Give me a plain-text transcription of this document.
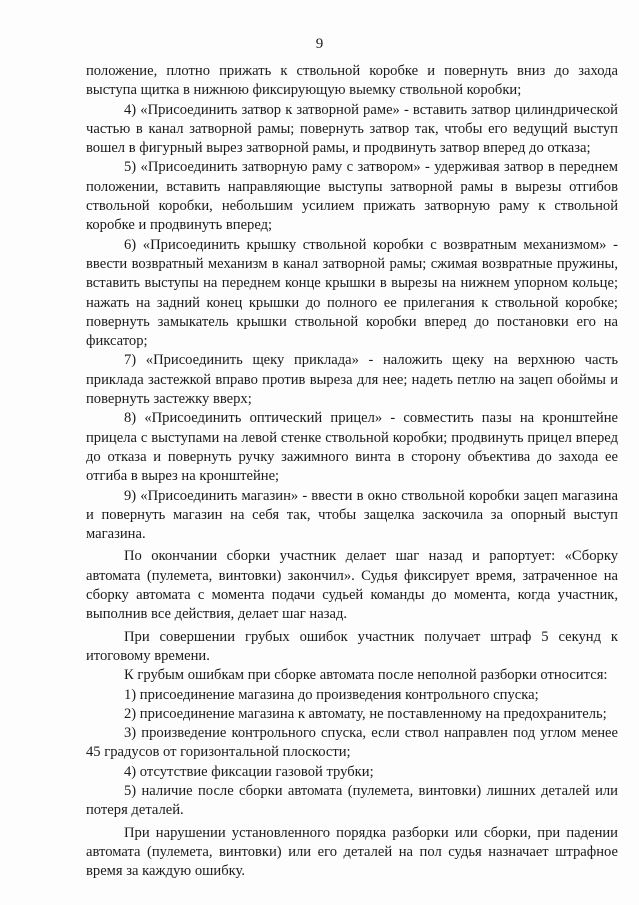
9

положение, плотно прижать к ствольной коробке и повернуть вниз до захода выступа щитка в нижнюю фиксирующую выемку ствольной коробки;

4) «Присоединить затвор к затворной раме» - вставить затвор цилиндрической частью в канал затворной рамы; повернуть затвор так, чтобы его ведущий выступ вошел в фигурный вырез затворной рамы, и продвинуть затвор вперед до отказа;

5) «Присоединить затворную раму с затвором» - удерживая затвор в переднем положении, вставить направляющие выступы затворной рамы в вырезы отгибов ствольной коробки, небольшим усилием прижать затворную раму к ствольной коробке и продвинуть вперед;

6) «Присоединить крышку ствольной коробки с возвратным механизмом» - ввести возвратный механизм в канал затворной рамы; сжимая возвратные пружины, вставить выступы на переднем конце крышки в вырезы на нижнем упорном кольце; нажать на задний конец крышки до полного ее прилегания к ствольной коробке; повернуть замыкатель крышки ствольной коробки вперед до постановки его на фиксатор;

7) «Присоединить щеку приклада» - наложить щеку на верхнюю часть приклада застежкой вправо против выреза для нее; надеть петлю на зацеп обоймы и повернуть застежку вверх;

8) «Присоединить оптический прицел» - совместить пазы на кронштейне прицела с выступами на левой стенке ствольной коробки; продвинуть прицел вперед до отказа и повернуть ручку зажимного винта в сторону объектива до захода ее отгиба в вырез на кронштейне;

9) «Присоединить магазин» - ввести в окно ствольной коробки зацеп магазина и повернуть магазин на себя так, чтобы защелка заскочила за опорный выступ магазина.

По окончании сборки участник делает шаг назад и рапортует: «Сборку автомата (пулемета, винтовки) закончил». Судья фиксирует время, затраченное на сборку автомата с момента подачи судьей команды до момента, когда участник, выполнив все действия, делает шаг назад.

При совершении грубых ошибок участник получает штраф 5 секунд к итоговому времени.

К грубым ошибкам при сборке автомата после неполной разборки относится:

1) присоединение магазина до произведения контрольного спуска;

2) присоединение магазина к автомату, не поставленному на предохранитель;

3) произведение контрольного спуска, если ствол направлен под углом менее 45 градусов от горизонтальной плоскости;

4) отсутствие фиксации газовой трубки;

5) наличие после сборки автомата (пулемета, винтовки) лишних деталей или потеря деталей.

При нарушении установленного порядка разборки или сборки, при падении автомата (пулемета, винтовки) или его деталей на пол судья назначает штрафное время за каждую ошибку.
